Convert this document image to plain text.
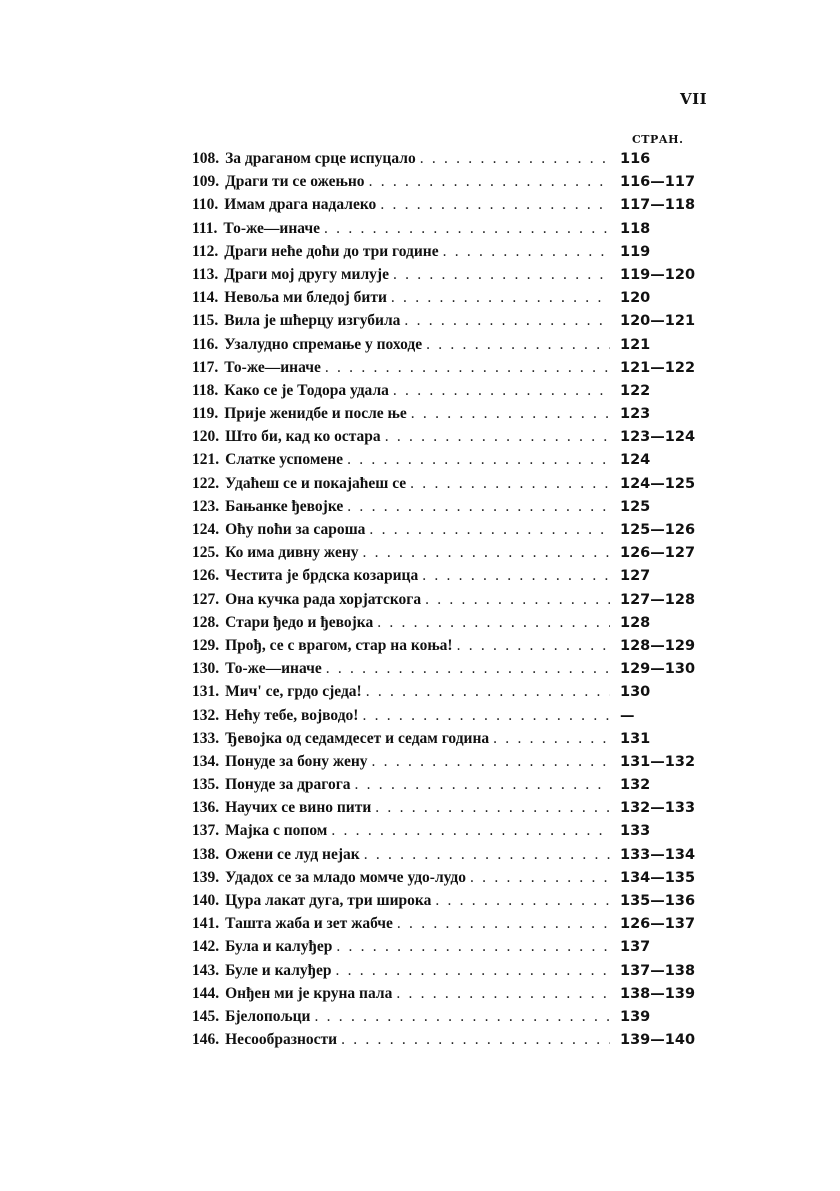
VII
СТРАН.
108. За драганом срце испуцало . . .	116
109. Драги ти се ожењно . . .	116—117
110. Имам драга надалеко . . .	117—118
111. То-же—иначе . . .	118
112. Драги неће доћи до три године . . .	119
113. Драги мој другу милује . . .	119—120
114. Невоља ми бледој бити . . .	120
115. Вила је шћерцу изгубила . . .	120—121
116. Узалудно спремање у походе . . .	121
117. То-же—иначе . . .	121—122
118. Како се је Тодора удала . . .	122
119. Прије женидбе и после ње . . .	123
120. Што би, кад ко остара . . .	123—124
121. Слатке успомене . . .	124
122. Удаћеш се и покајаћеш се . . .	124—125
123. Бањанке ђевојке . . .	125
124. Оћу поћи за сароша . . .	125—126
125. Ко има дивну жену . . .	126—127
126. Честита је брдска козарица . . .	127
127. Она кучка рада хорјатскога . . .	127—128
128. Стари ђедо и ђевојка . . .	128
129. Прођ, се с врагом, стар на коња! . . .	128—129
130. То-же—иначе . . .	129—130
131. Мич' се, грдо сједа! . . .	130
132. Нећу тебе, војводо! . . .	—
133. Ђевојка од седамдесет и седам година . . .	131
134. Понуде за бону жену . . .	131—132
135. Понуде за драгога . . .	132
136. Научих се вино пити . . .	132—133
137. Мајка с попом . . .	133
138. Ожени се луд нејак . . .	133—134
139. Удадох се за младо момче удо-лудо . . .	134—135
140. Цура лакат дуга, три широка . . .	135—136
141. Ташта жаба и зет жабче . . .	126—137
142. Була и калуђер . . .	137
143. Буле и калуђер . . .	137—138
144. Онђен ми је круна пала . . .	138—139
145. Бјелопољци . . .	139
146. Несообразности . . .	139—140
